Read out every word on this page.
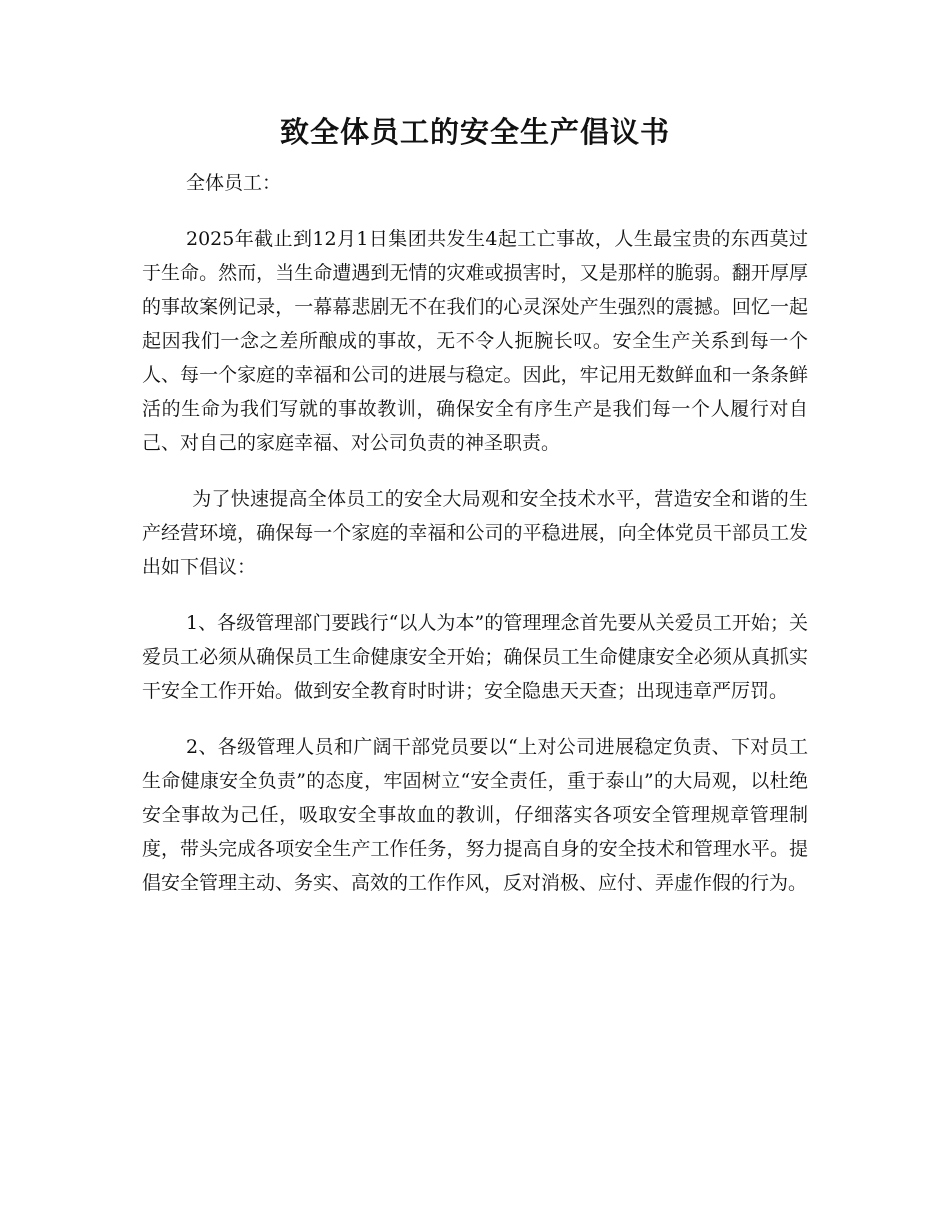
致全体员工的安全生产倡议书

全体员工：

2025年截止到12月1日集团共发生4起工亡事故，人生最宝贵的东西莫过于生命。然而，当生命遭遇到无情的灾难或损害时，又是那样的脆弱。翻开厚厚的事故案例记录，一幕幕悲剧无不在我们的心灵深处产生强烈的震撼。回忆一起起因我们一念之差所酿成的事故，无不令人扼腕长叹。安全生产关系到每一个人、每一个家庭的幸福和公司的进展与稳定。因此，牢记用无数鲜血和一条条鲜活的生命为我们写就的事故教训，确保安全有序生产是我们每一个人履行对自己、对自己的家庭幸福、对公司负责的神圣职责。

为了快速提高全体员工的安全大局观和安全技术水平，营造安全和谐的生产经营环境，确保每一个家庭的幸福和公司的平稳进展，向全体党员干部员工发出如下倡议：

1、各级管理部门要践行“以人为本”的管理理念首先要从关爱员工开始；关爱员工必须从确保员工生命健康安全开始；确保员工生命健康安全必须从真抓实干安全工作开始。做到安全教育时时讲；安全隐患天天查；出现违章严厉罚。

2、各级管理人员和广阔干部党员要以“上对公司进展稳定负责、下对员工生命健康安全负责”的态度，牢固树立“安全责任，重于泰山”的大局观，以杜绝安全事故为己任，吸取安全事故血的教训，仔细落实各项安全管理规章管理制度，带头完成各项安全生产工作任务，努力提高自身的安全技术和管理水平。提倡安全管理主动、务实、高效的工作作风，反对消极、应付、弄虚作假的行为。
